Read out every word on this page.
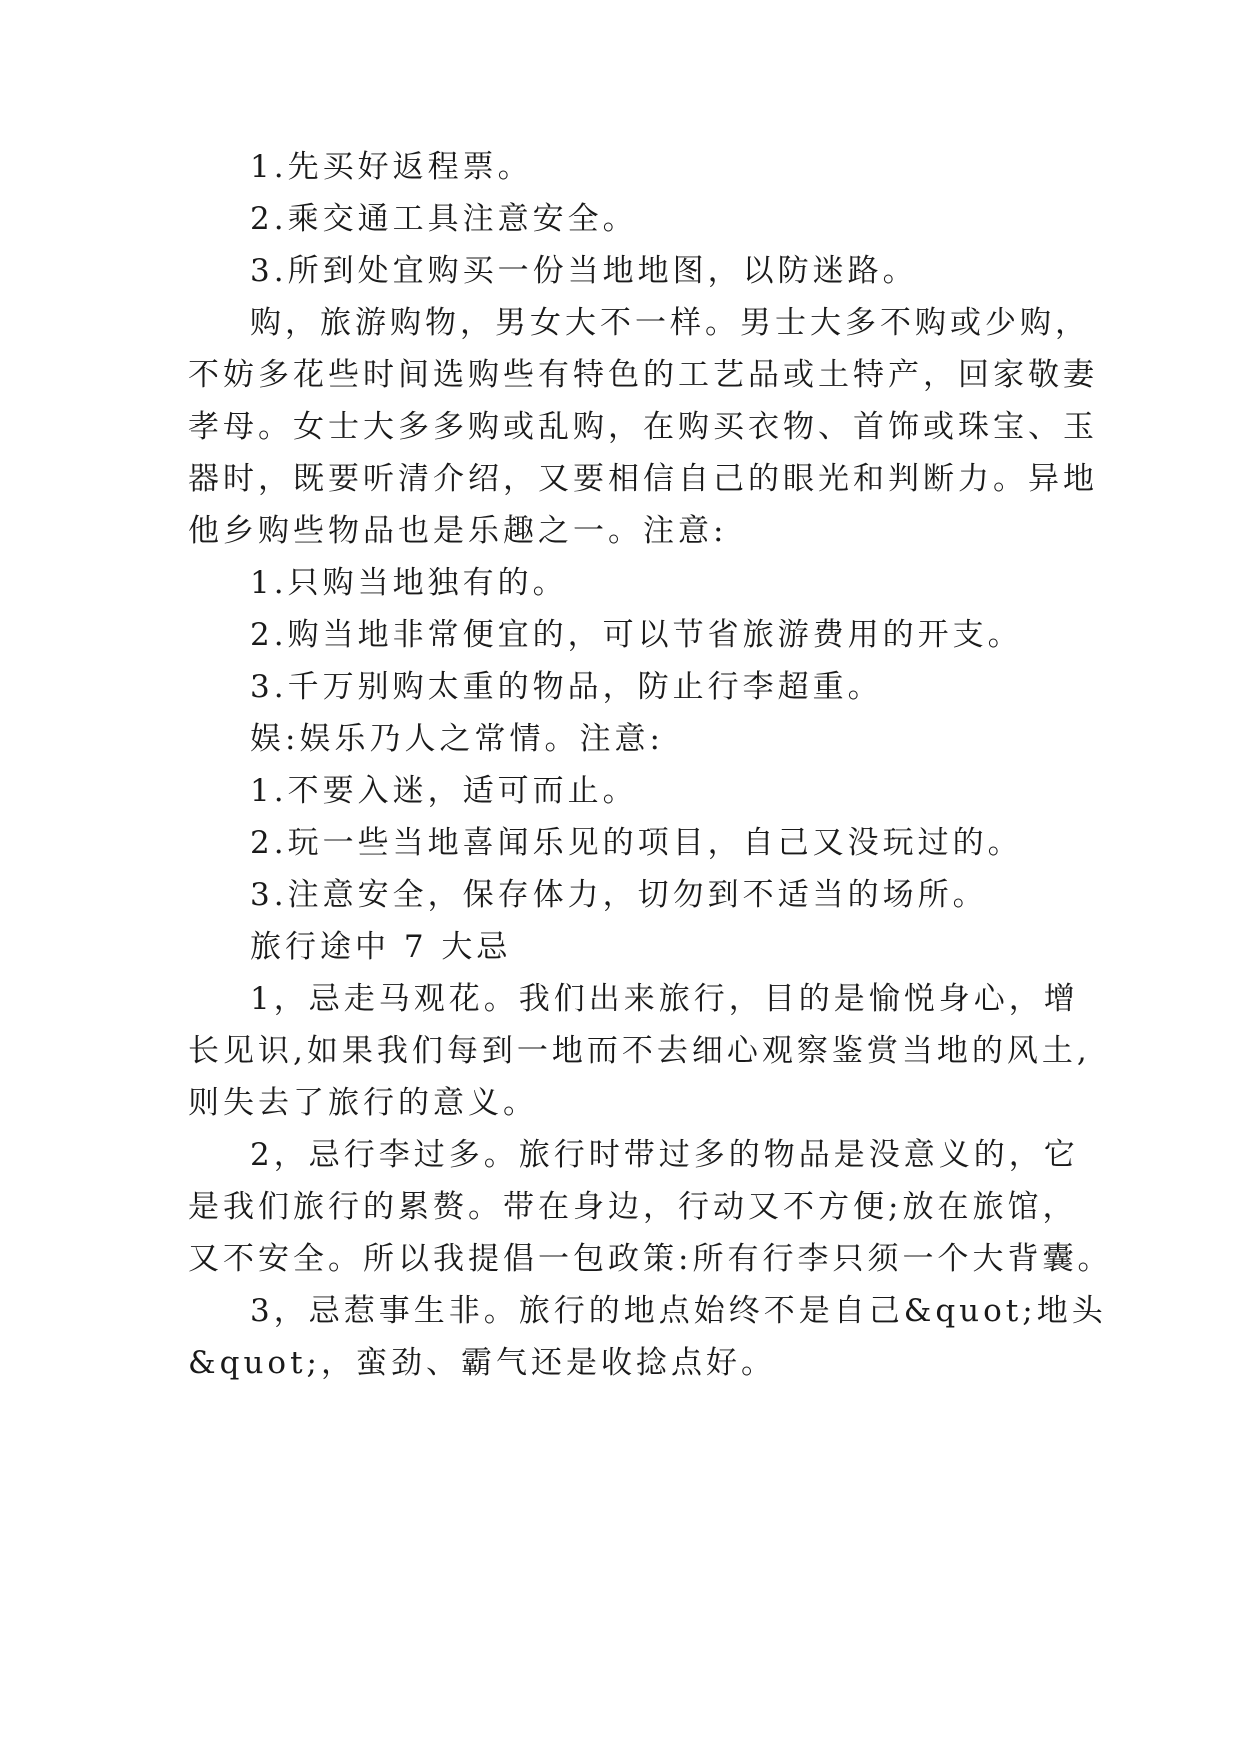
1.先买好返程票。

2.乘交通工具注意安全。

3.所到处宜购买一份当地地图，以防迷路。

购，旅游购物，男女大不一样。男士大多不购或少购，

不妨多花些时间选购些有特色的工艺品或土特产，回家敬妻

孝母。女士大多多购或乱购，在购买衣物、首饰或珠宝、玉

器时，既要听清介绍，又要相信自己的眼光和判断力。异地

他乡购些物品也是乐趣之一。注意:

1.只购当地独有的。

2.购当地非常便宜的，可以节省旅游费用的开支。

3.千万别购太重的物品，防止行李超重。

娱:娱乐乃人之常情。注意:

1.不要入迷，适可而止。

2.玩一些当地喜闻乐见的项目，自己又没玩过的。

3.注意安全，保存体力，切勿到不适当的场所。

旅行途中 7 大忌

1，忌走马观花。我们出来旅行，目的是愉悦身心，增

长见识,如果我们每到一地而不去细心观察鉴赏当地的风土,

则失去了旅行的意义。

2，忌行李过多。旅行时带过多的物品是没意义的，它

是我们旅行的累赘。带在身边，行动又不方便;放在旅馆，

又不安全。所以我提倡一包政策:所有行李只须一个大背囊。

3，忌惹事生非。旅行的地点始终不是自己&quot;地头

&quot;，蛮劲、霸气还是收捻点好。
